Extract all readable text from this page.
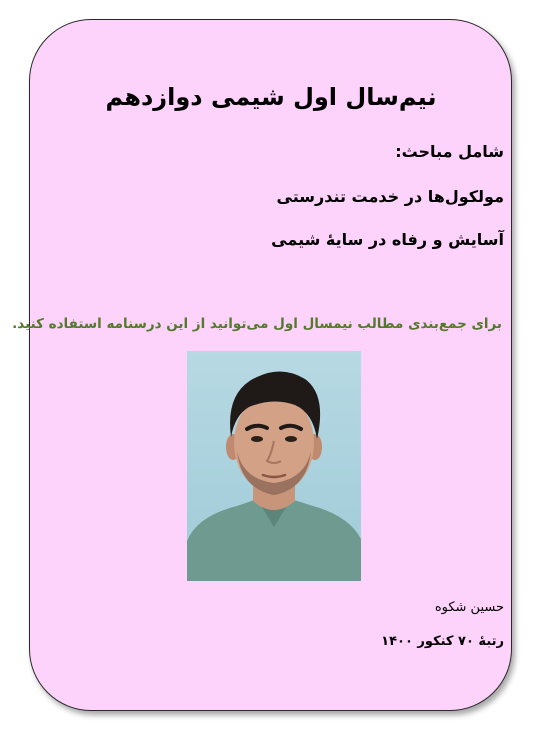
نیم‌سال اول شیمی دوازدهم
شامل مباحث:
مولکول‌ها در خدمت تندرستی
آسایش و رفاه در سایهٔ شیمی
برای جمع‌بندی مطالب نیمسال اول می‌توانید از این درسنامه استفاده کنید.
حسین شکوه
رتبهٔ ۷۰ کنکور ۱۴۰۰
